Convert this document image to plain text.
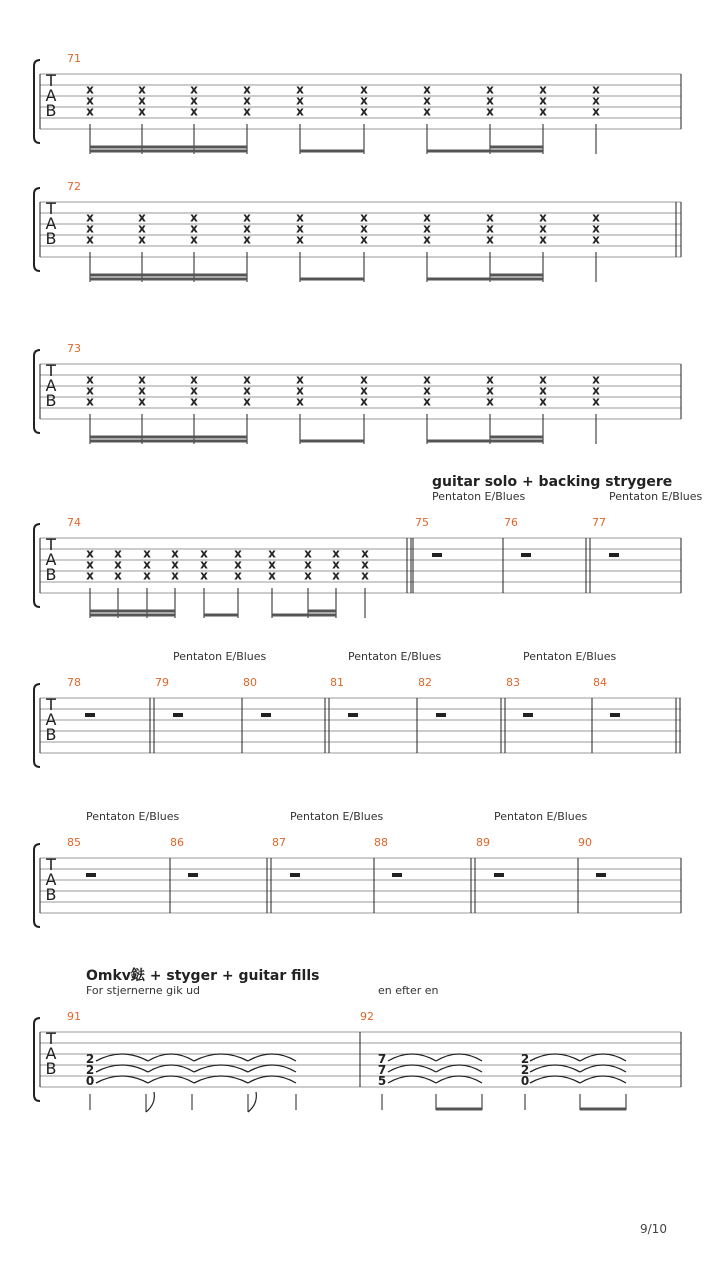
T
A
B
71
x
x
x
x
x
x
x
x
x
x
x
x
x
x
x
x
x
x
x
x
x
x
x
x
x
x
x
x
x
x
T
A
B
72
x
x
x
x
x
x
x
x
x
x
x
x
x
x
x
x
x
x
x
x
x
x
x
x
x
x
x
x
x
x
T
A
B
73
x
x
x
x
x
x
x
x
x
x
x
x
x
x
x
x
x
x
x
x
x
x
x
x
x
x
x
x
x
x
T
A
B
guitar solo + backing strygere
Pentaton E/Blues	Pentaton E/Blues
74	75	76	77
x
x
x
x
x
x
x
x
x
x
x
x
x
x
x
x
x
x
x
x
x
x
x
x
x
x
x
x
x
x
T
A
B
Pentaton E/Blues	Pentaton E/Blues	Pentaton E/Blues
78	79	80	81	82	83	84
T
A
B
Pentaton E/Blues	Pentaton E/Blues	Pentaton E/Blues
85	86	87	88	89	90
T
A
B
Omkv鍅 + styger + guitar fills
For stjernerne gik ud	en efter en
91	92
2
2
0
7
7
5
2
2
0
9/10
